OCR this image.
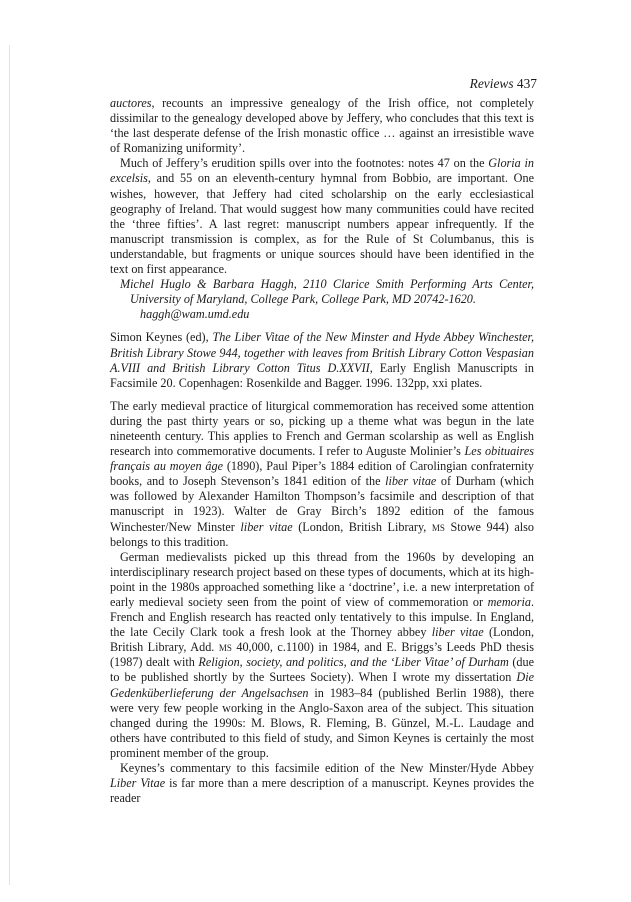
Reviews 437

auctores, recounts an impressive genealogy of the Irish office, not completely dissimilar to the genealogy developed above by Jeffery, who concludes that this text is ‘the last desperate defense of the Irish monastic office … against an irresistible wave of Romanizing uniformity’.

Much of Jeffery’s erudition spills over into the footnotes: notes 47 on the Gloria in excelsis, and 55 on an eleventh-century hymnal from Bobbio, are important. One wishes, however, that Jeffery had cited scholarship on the early ecclesiastical geography of Ireland. That would suggest how many communities could have recited the ‘three fifties’. A last regret: manuscript numbers appear infrequently. If the manuscript transmission is complex, as for the Rule of St Columbanus, this is understandable, but fragments or unique sources should have been identified in the text on first appearance.

Michel Huglo & Barbara Haggh, 2110 Clarice Smith Performing Arts Center, University of Maryland, College Park, College Park, MD 20742-1620.
haggh@wam.umd.edu

Simon Keynes (ed), The Liber Vitae of the New Minster and Hyde Abbey Winchester, British Library Stowe 944, together with leaves from British Library Cotton Vespasian A.VIII and British Library Cotton Titus D.XXVII, Early English Manuscripts in Facsimile 20. Copenhagen: Rosenkilde and Bagger. 1996. 132pp, xxi plates.

The early medieval practice of liturgical commemoration has received some attention during the past thirty years or so, picking up a theme what was begun in the late nineteenth century. This applies to French and German scolarship as well as English research into commemorative documents. I refer to Auguste Molinier’s Les obituaires français au moyen âge (1890), Paul Piper’s 1884 edition of Carolingian confraternity books, and to Joseph Stevenson’s 1841 edition of the liber vitae of Durham (which was followed by Alexander Hamilton Thompson’s facsimile and description of that manuscript in 1923). Walter de Gray Birch’s 1892 edition of the famous Winchester/New Minster liber vitae (London, British Library, ms Stowe 944) also belongs to this tradition.

German medievalists picked up this thread from the 1960s by developing an interdisciplinary research project based on these types of documents, which at its high-point in the 1980s approached something like a ‘doctrine’, i.e. a new interpretation of early medieval society seen from the point of view of commemoration or memoria. French and English research has reacted only tentatively to this impulse. In England, the late Cecily Clark took a fresh look at the Thorney abbey liber vitae (London, British Library, Add. ms 40,000, c.1100) in 1984, and E. Briggs’s Leeds PhD thesis (1987) dealt with Religion, society, and politics, and the ‘Liber Vitae’ of Durham (due to be published shortly by the Surtees Society). When I wrote my dissertation Die Gedenküberlieferung der Angelsachsen in 1983–84 (published Berlin 1988), there were very few people working in the Anglo-Saxon area of the subject. This situation changed during the 1990s: M. Blows, R. Fleming, B. Günzel, M.-L. Laudage and others have contributed to this field of study, and Simon Keynes is certainly the most prominent member of the group.

Keynes’s commentary to this facsimile edition of the New Minster/Hyde Abbey Liber Vitae is far more than a mere description of a manuscript. Keynes provides the reader
